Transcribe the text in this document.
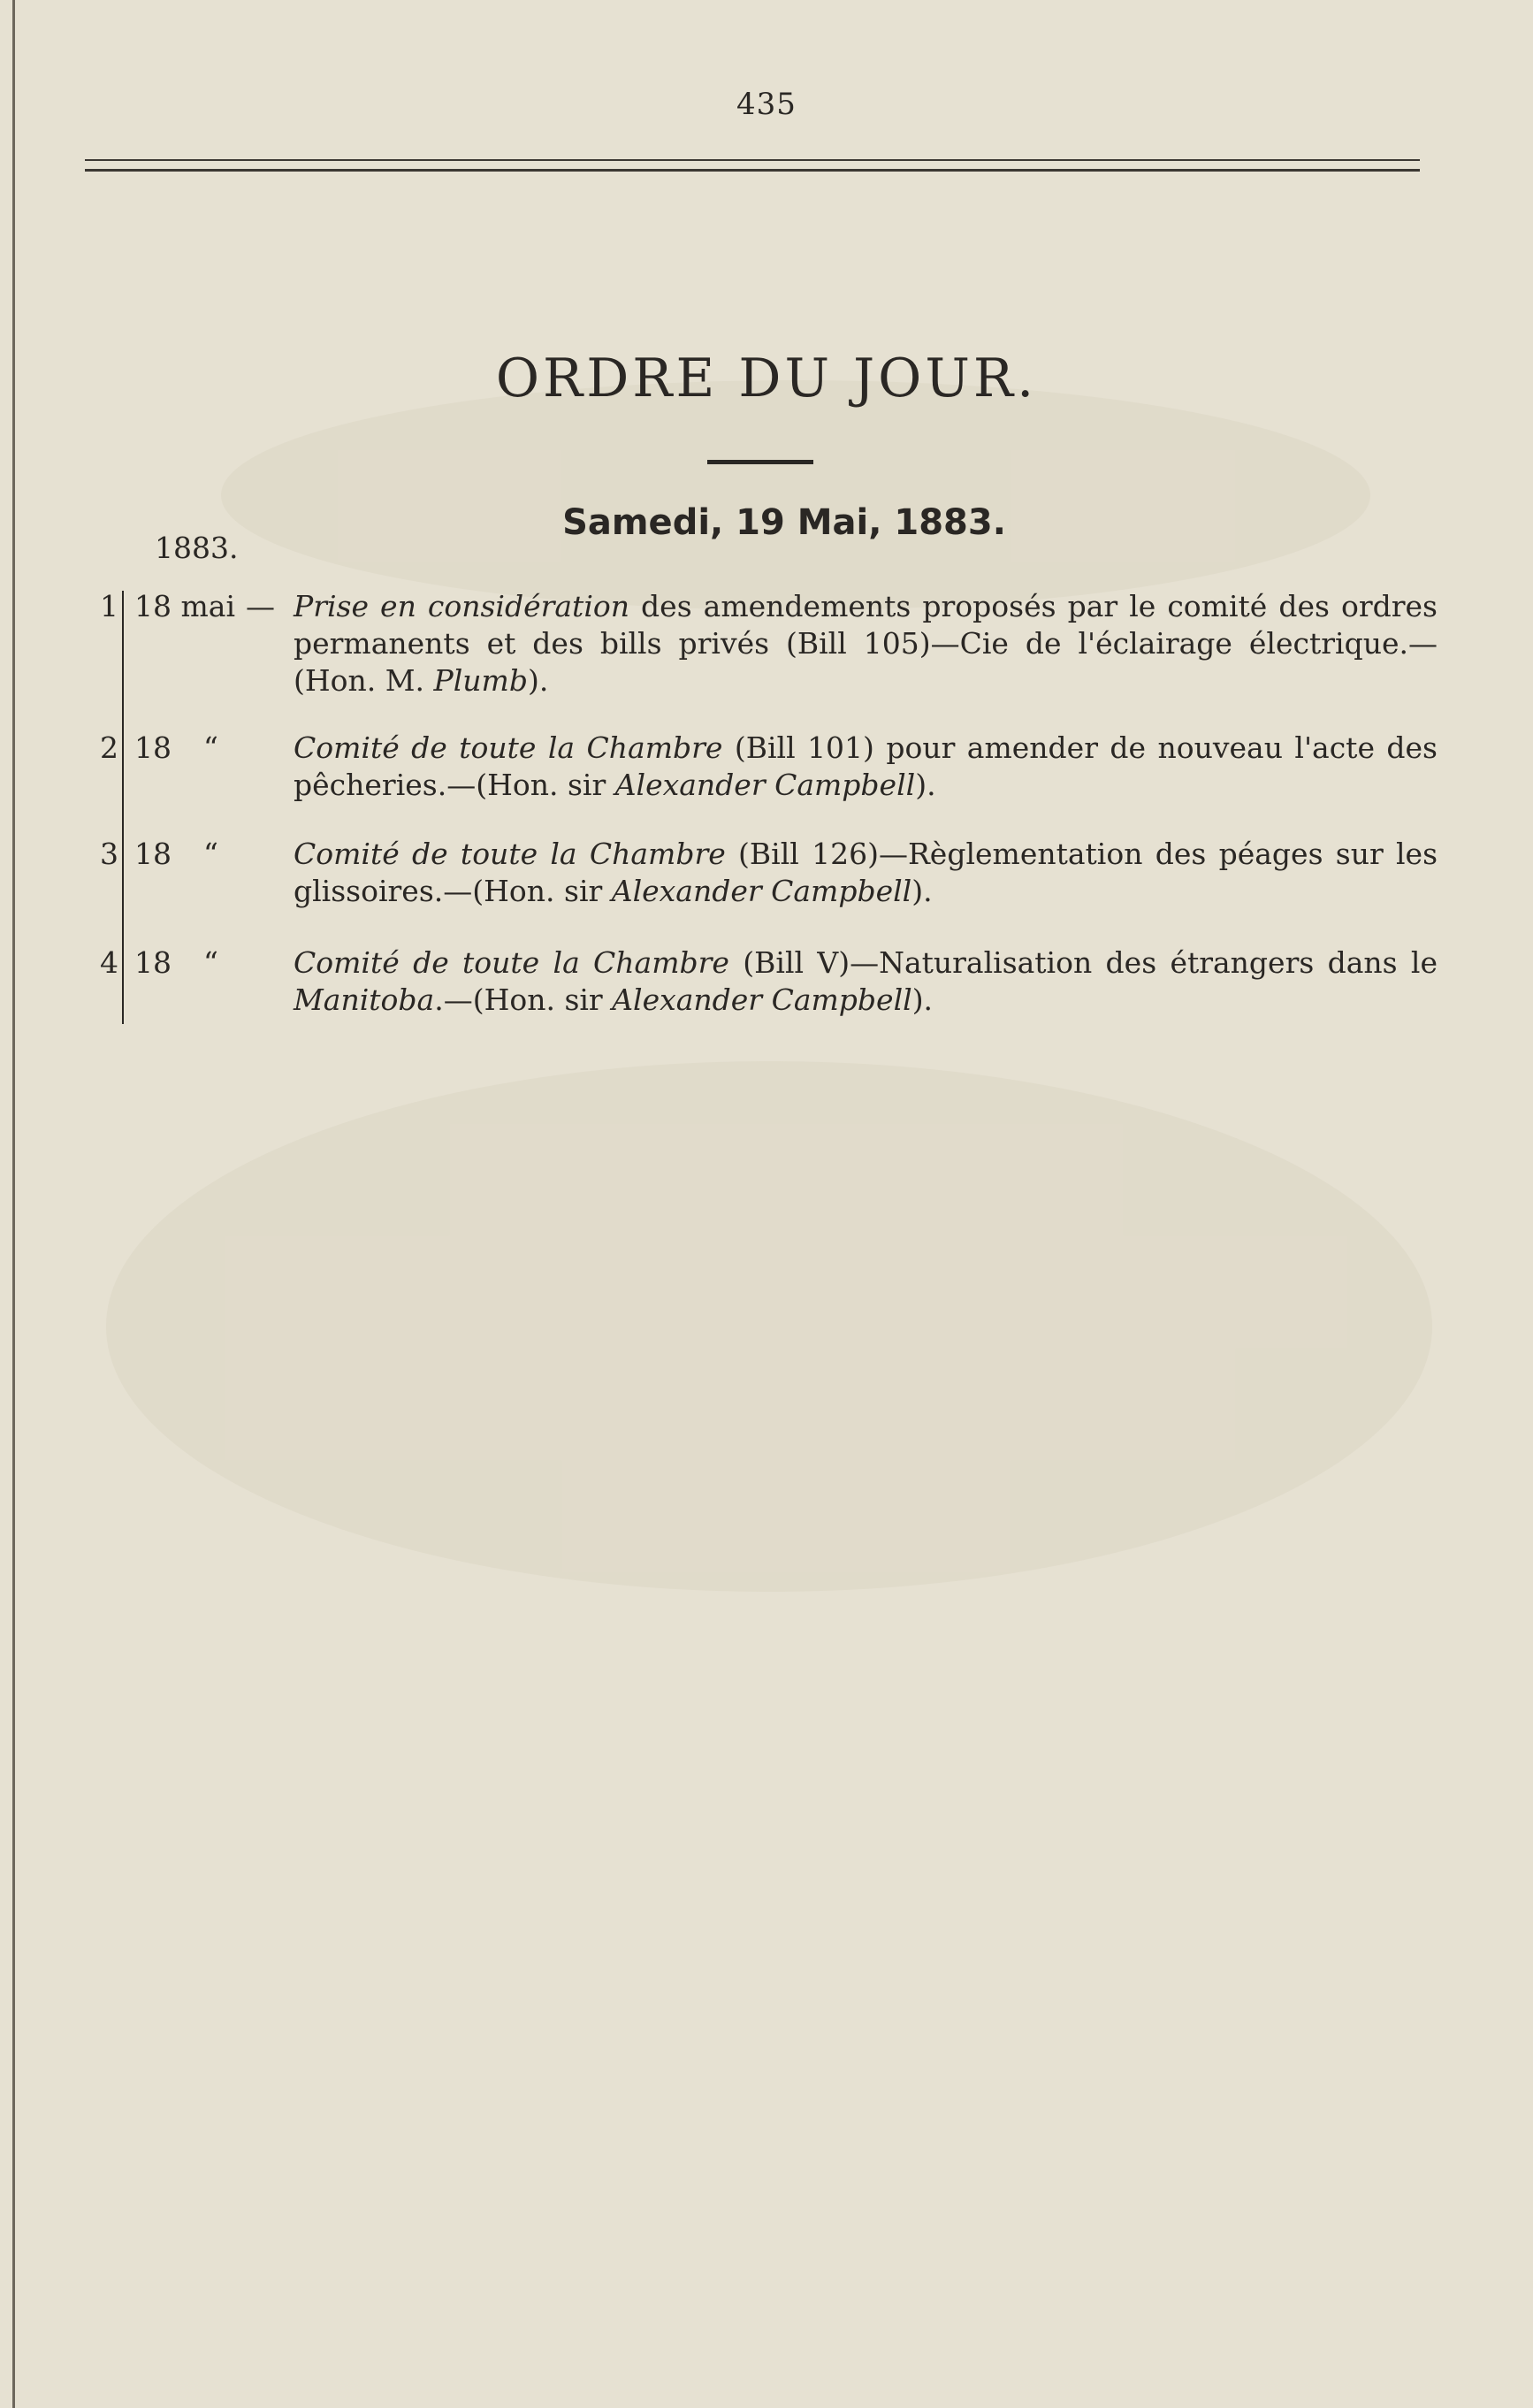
435
ORDRE DU JOUR.
Samedi, 19 Mai, 1883.
1883.
1 18 mai — Prise en considération des amendements proposés par le comité des ordres permanents et des bills privés (Bill 105)—Cie de l'éclairage électrique.—(Hon. M. Plumb).

2 18 “	Comité de toute la Chambre (Bill 101) pour amender de nouveau l'acte des pêcheries.—(Hon. sir Alexander Campbell).

3 18 “	Comité de toute la Chambre (Bill 126)—Règlementation des péages sur les glissoires.—(Hon. sir Alexander Campbell).

4 18 “	Comité de toute la Chambre (Bill V)—Naturalisation des étrangers dans le Manitoba.—(Hon. sir Alexander Campbell).
